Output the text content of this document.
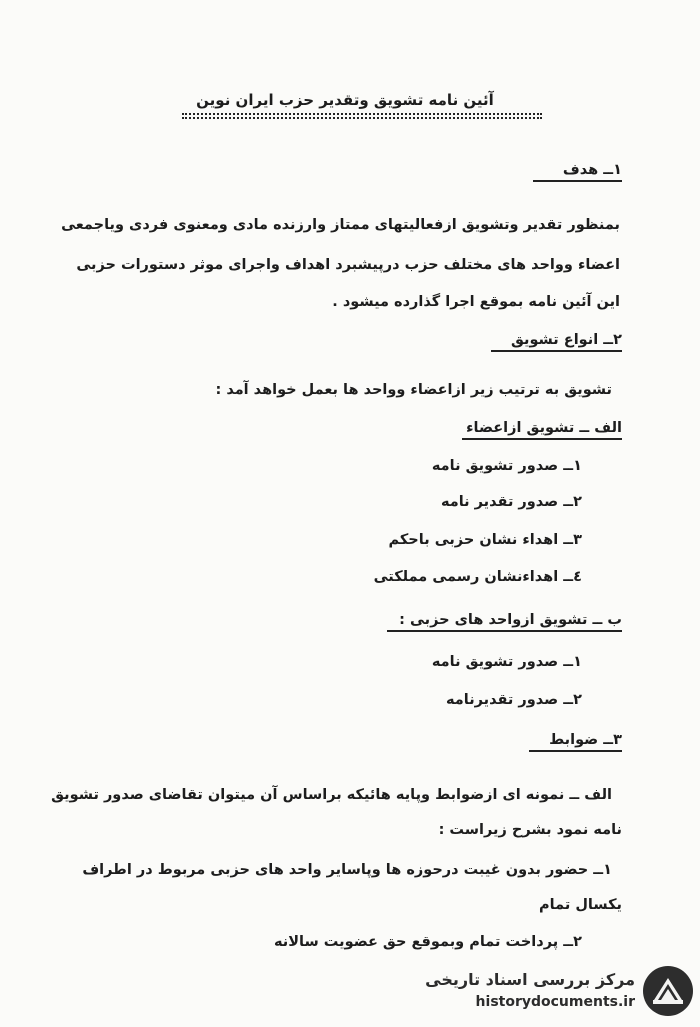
آئین نامه تشویق وتقدیر حزب ایران نوین
۱ــ هدف
بمنظور تقدیر وتشویق ازفعالیتهای ممتاز وارزنده مادی ومعنوی فردی ویاجمعی
اعضاء وواحد های مختلف حزب درپیشبرد اهداف واجرای موثر دستورات حزبی
این آئین نامه بموقع اجرا گذارده میشود .
۲ــ انواع تشویق
تشویق به ترتیب زیر ازاعضاء وواحد ها بعمل خواهد آمد :
الف ــ تشویق ازاعضاء
۱ــ صدور تشویق نامه
۲ــ صدور تقدیر نامه
۳ــ اهداء نشان حزبی باحکم
٤ــ اهداءنشان رسمی مملکتی
ب ــ تشویق ازواحد های حزبی :
۱ــ صدور تشویق نامه
۲ــ صدور تقدیرنامه
۳ــ ضوابط
الف ــ نمونه ای ازضوابط وپایه هائیکه براساس آن میتوان تقاضای صدور تشویق
نامه نمود بشرح زیراست :
۱ــ حضور بدون غیبت درحوزه ها وپاسایر واحد های حزبی مربوط در اطراف
یکسال تمام
۲ــ پرداخت تمام وبموقع حق عضویت سالانه
مرکز بررسی اسناد تاریخی
historydocuments.ir
